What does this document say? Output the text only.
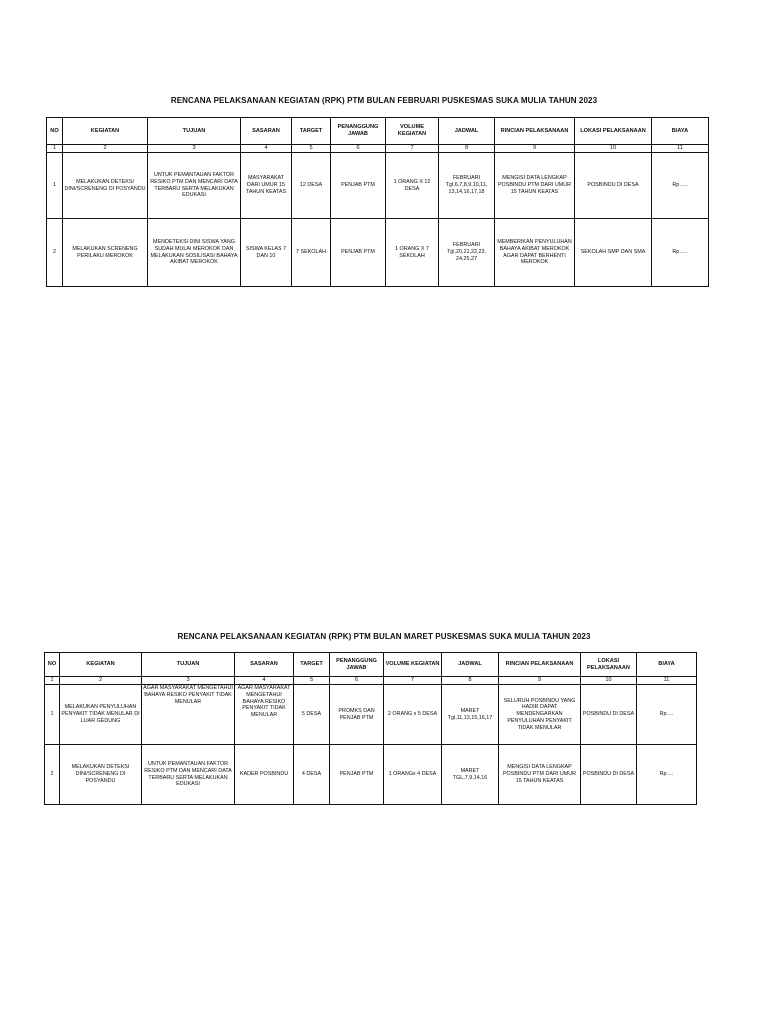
RENCANA PELAKSANAAN KEGIATAN (RPK) PTM BULAN FEBRUARI PUSKESMAS SUKA MULIA TAHUN 2023
NO	KEGIATAN	TUJUAN	SASARAN	TARGET	PENANGGUNG JAWAB	VOLUME KEGIATAN	JADWAL	RINCIAN PELAKSANAAN	LOKASI PELAKSANAAN	BIAYA
1	2	3	4	5	6	7	8	9	10	11
1	MELAKUKAN DETEKSI DINI/SCRENENG DI POSYANDU	UNTUK PEMANTAUAN FAKTOR RESIKO PTM DAN MENCARI DATA TERBARU SERTA MELAKUKAN EDUKASI	MASYARAKAT DARI UMUR 15 TAHUN KEATAS	12 DESA	PENJAB PTM	1 ORANG X 12 DESA	FEBRUARI Tgl,6,7,8,9,10,11, 13,14,16,17,18	MENGISI DATA LENGKAP POSBINDU PTM DARI UMUR 15 TAHUN KEATAS	POSBINDU DI DESA	Rp…..
2	MELAKUKAN SCRENENG PERILAKU MEROKOK	MENDETEKSI DINI SISWA YANG SUDAH MULAI MEROKOK DAN MELAKUKAN SOSILISASI BAHAYA AKIBAT MEROKOK	SISWA KELAS 7 DAN 10	7 SEKOLAH	PENJAB PTM	1 ORANG X 7 SEKOLAH	FEBRUARI Tgl,20,21,22,23, 24,25,27	MEMBERIKAN PENYULUHAN BAHAYA AKIBAT MEROKOK AGAR DAPAT BERHENTI MEROKOK	SEKOLAH SMP DAN SMA	Rp…..
RENCANA PELAKSANAAN KEGIATAN (RPK) PTM BULAN MARET PUSKESMAS SUKA MULIA TAHUN 2023
NO	KEGIATAN	TUJUAN	SASARAN	TARGET	PENANGGUNG JAWAB	VOLUME KEGIATAN	JADWAL	RINCIAN PELAKSANAAN	LOKASI PELAKSANAAN	BIAYA
1	2	3	4	5	6	7	8	9	10	11
1	MELAKUKAN PENYULUHAN PENYAKIT TIDAK MENULAR DI LUAR GEDUNG	AGAR MASYARAKAT MENGETAHUI BAHAYA RESIKO PENYAKIT TIDAK MENULAR	AGAR MASYARAKAT MENGETAHUI BAHAYA RESIKO PENYAKIT TIDAK MENULAR	5 DESA	PROMKS DAN PENJAB PTM	2 ORANG x 5 DESA	MARET Tgl,11,13,15,16,17	SELURUH POSBINDU YANG HADIR DAPAT MENDENGARKAN PENYULUHAN PENYAKIT TIDAK MENULAR	POSBINDU DI DESA	Rp….
2	MELAKUKAN DETEKSI DINI/SCRENENG DI POSYANDU	UNTUK PEMANTAUAN FAKTOR RESIKO PTM DAN MENCARI DATA TERBARU SERTA MELAKUKAN EDUKASI	KADER POSBINDU	4 DESA	PENJAB PTM	1 ORANGx 4 DESA	MARET TGL,7,9,14,16	MENGISI DATA LENGKAP POSBINDU PTM DARI UMUR 15 TAHUN KEATAS	POSBINDU DI DESA	Rp….
